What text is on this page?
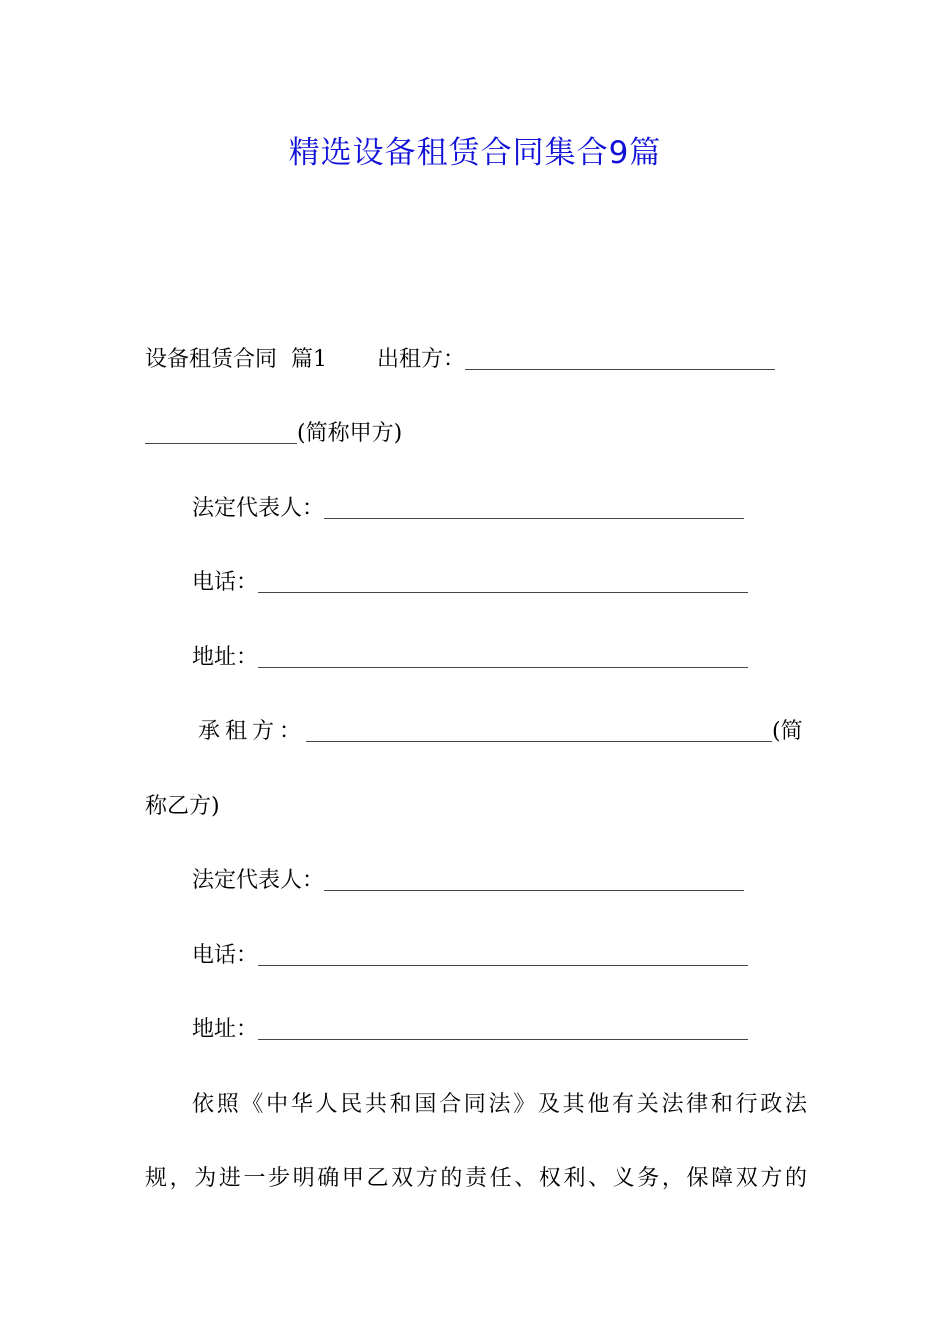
精选设备租赁合同集合9篇
设备租赁合同  篇1 出租方：
(简称甲方)
法定代表人：
电话：
地址：
承租方：	(简
称乙方)
法定代表人：
电话：
地址：
依照《中华人民共和国合同法》及其他有关法律和行政法
规，为进一步明确甲乙双方的责任、权利、义务，保障双方的
